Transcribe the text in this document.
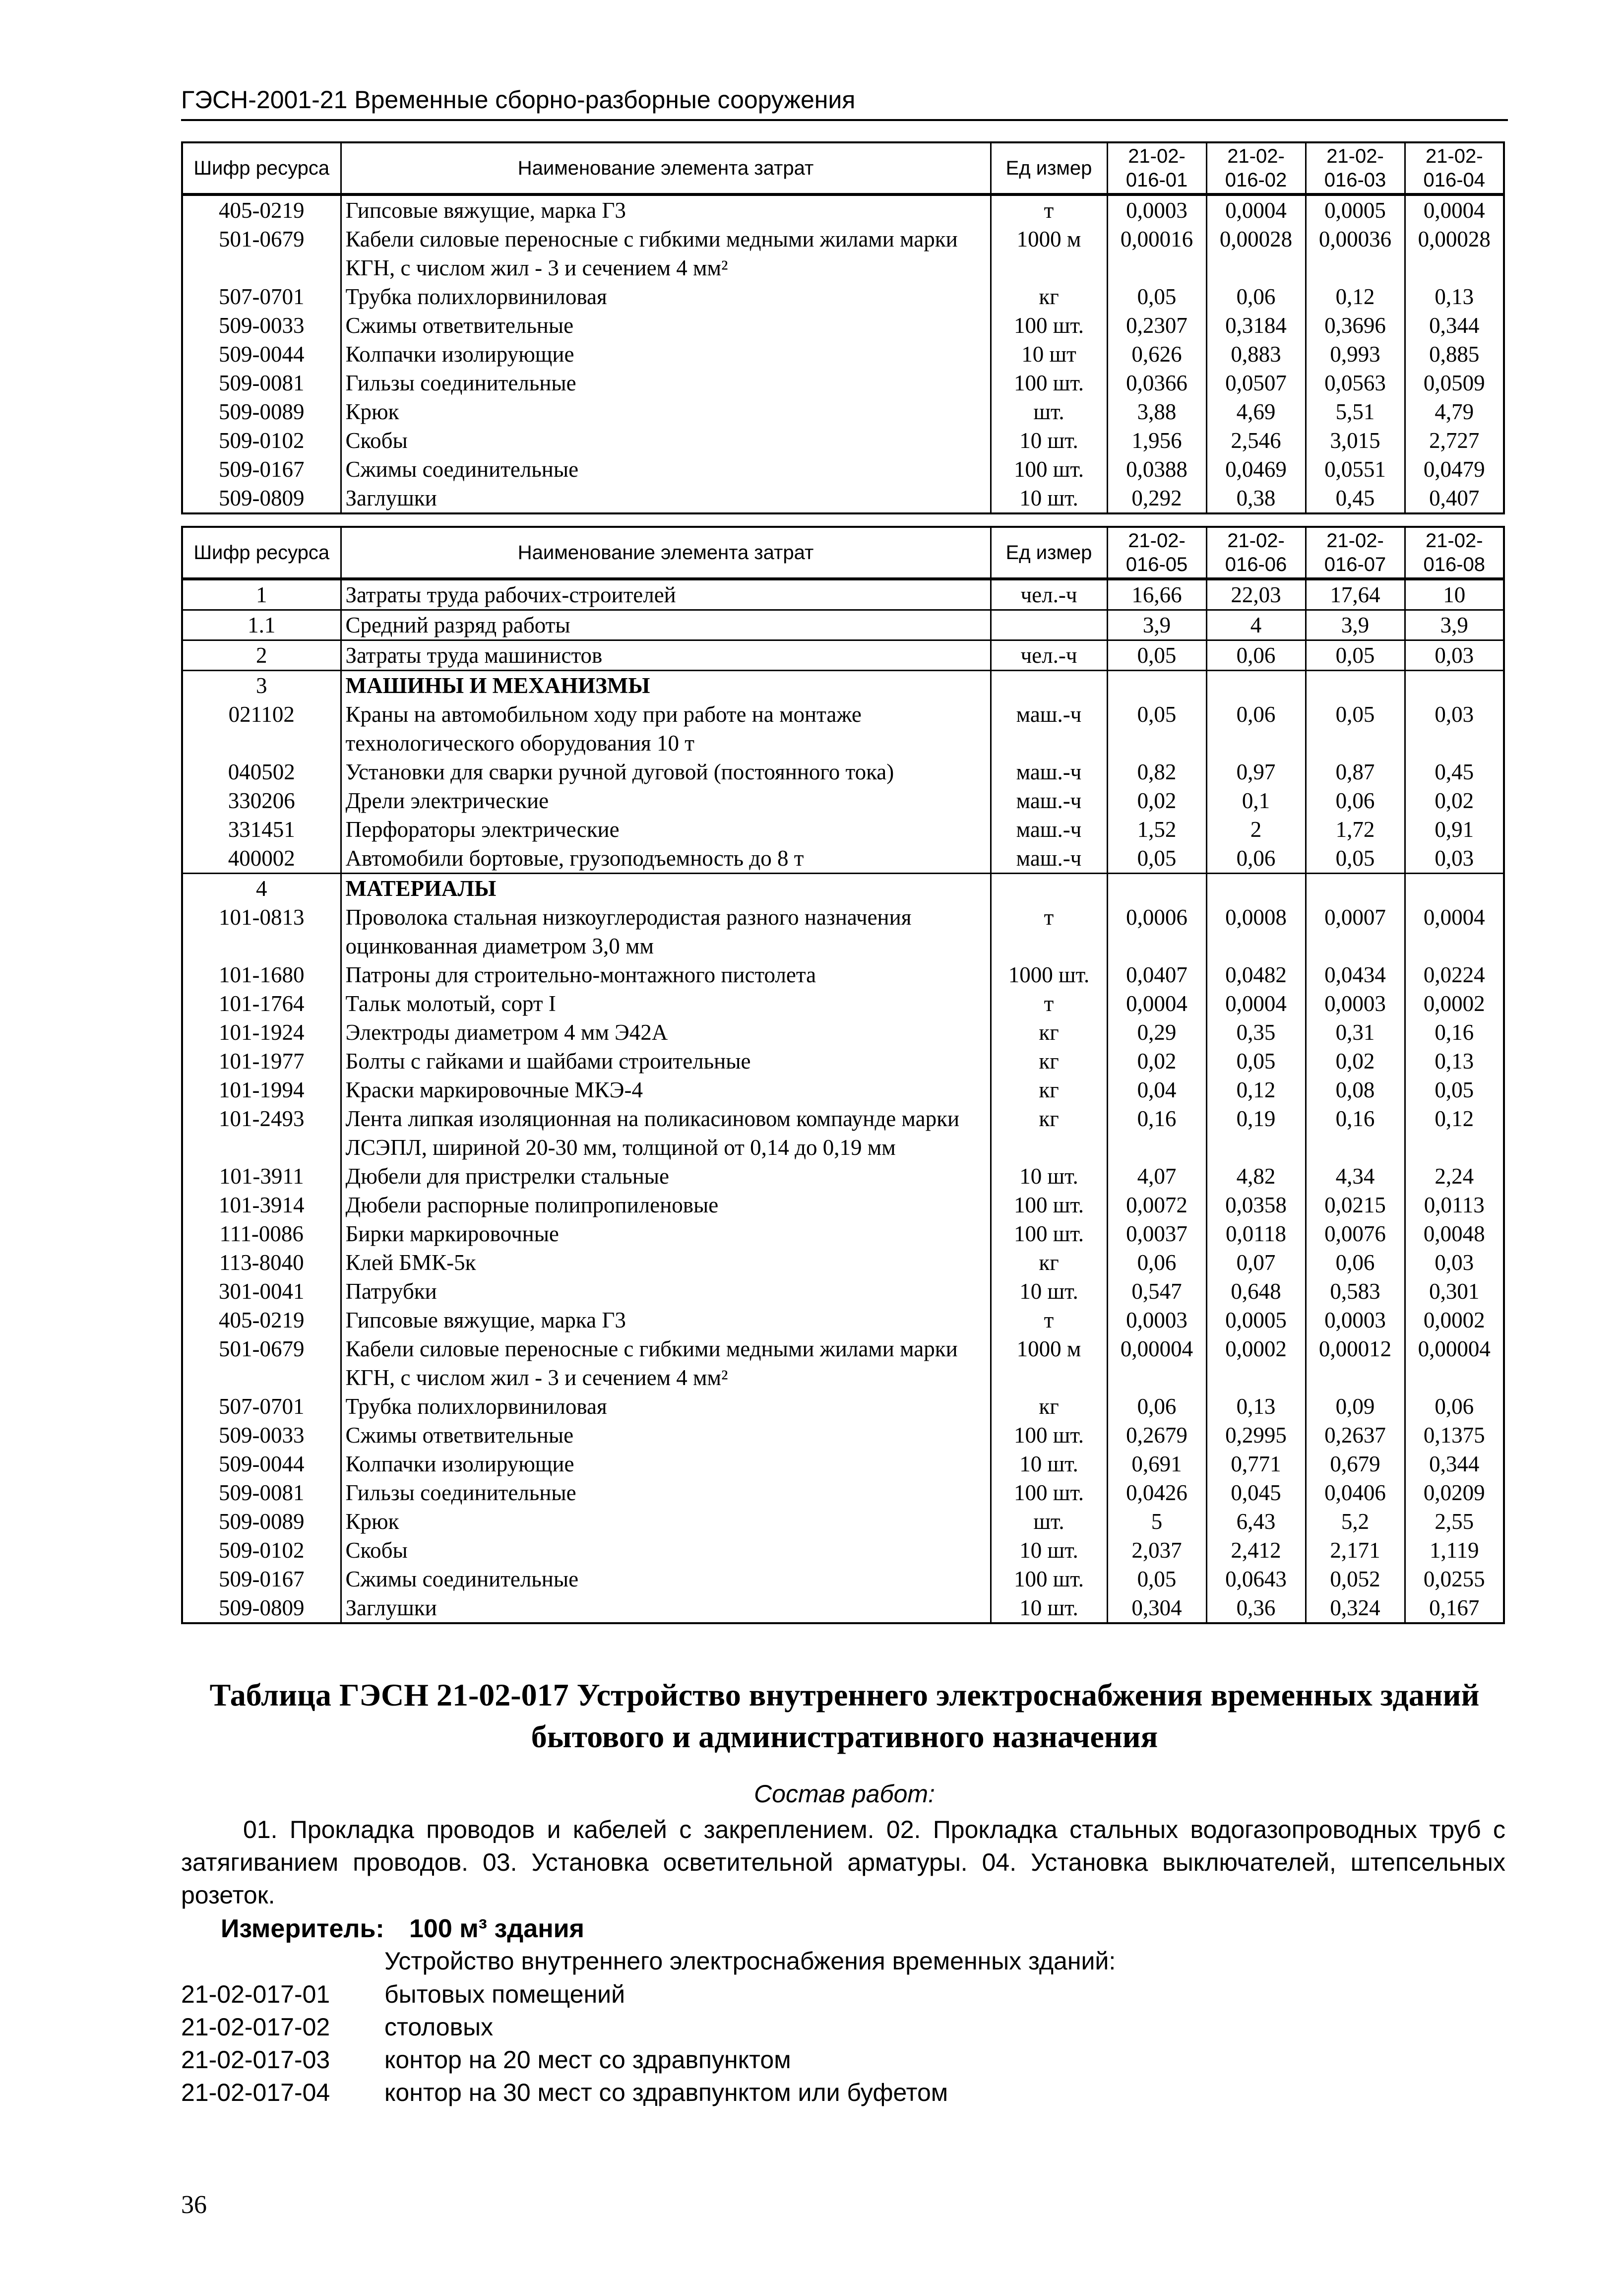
ГЭСН-2001-21 Временные сборно-разборные сооружения
Шифр ресурса	Наименование элемента затрат	Ед измер	21-02-016-01	21-02-016-02	21-02-016-03	21-02-016-04
405-0219	Гипсовые вяжущие, марка Г3	т	0,0003	0,0004	0,0005	0,0004
501-0679	Кабели силовые переносные с гибкими медными жилами марки КГН, с числом жил - 3 и сечением 4 мм²	1000 м	0,00016	0,00028	0,00036	0,00028
507-0701	Трубка полихлорвиниловая	кг	0,05	0,06	0,12	0,13
509-0033	Сжимы ответвительные	100 шт.	0,2307	0,3184	0,3696	0,344
509-0044	Колпачки изолирующие	10 шт	0,626	0,883	0,993	0,885
509-0081	Гильзы соединительные	100 шт.	0,0366	0,0507	0,0563	0,0509
509-0089	Крюк	шт.	3,88	4,69	5,51	4,79
509-0102	Скобы	10 шт.	1,956	2,546	3,015	2,727
509-0167	Сжимы соединительные	100 шт.	0,0388	0,0469	0,0551	0,0479
509-0809	Заглушки	10 шт.	0,292	0,38	0,45	0,407
Шифр ресурса	Наименование элемента затрат	Ед измер	21-02-016-05	21-02-016-06	21-02-016-07	21-02-016-08
1	Затраты труда рабочих-строителей	чел.-ч	16,66	22,03	17,64	10
1.1	Средний разряд работы		3,9	4	3,9	3,9
2	Затраты труда машинистов	чел.-ч	0,05	0,06	0,05	0,03
3	МАШИНЫ И МЕХАНИЗМЫ					
021102	Краны на автомобильном ходу при работе на монтаже технологического оборудования 10 т	маш.-ч	0,05	0,06	0,05	0,03
040502	Установки для сварки ручной дуговой (постоянного тока)	маш.-ч	0,82	0,97	0,87	0,45
330206	Дрели электрические	маш.-ч	0,02	0,1	0,06	0,02
331451	Перфораторы электрические	маш.-ч	1,52	2	1,72	0,91
400002	Автомобили бортовые, грузоподъемность до 8 т	маш.-ч	0,05	0,06	0,05	0,03
4	МАТЕРИАЛЫ					
101-0813	Проволока стальная низкоуглеродистая разного назначения оцинкованная диаметром 3,0 мм	т	0,0006	0,0008	0,0007	0,0004
101-1680	Патроны для строительно-монтажного пистолета	1000 шт.	0,0407	0,0482	0,0434	0,0224
101-1764	Тальк молотый, сорт I	т	0,0004	0,0004	0,0003	0,0002
101-1924	Электроды диаметром 4 мм Э42А	кг	0,29	0,35	0,31	0,16
101-1977	Болты с гайками и шайбами строительные	кг	0,02	0,05	0,02	0,13
101-1994	Краски маркировочные МКЭ-4	кг	0,04	0,12	0,08	0,05
101-2493	Лента липкая изоляционная на поликасиновом компаунде марки ЛСЭПЛ, шириной 20-30 мм, толщиной от 0,14 до 0,19 мм	кг	0,16	0,19	0,16	0,12
101-3911	Дюбели для пристрелки стальные	10 шт.	4,07	4,82	4,34	2,24
101-3914	Дюбели распорные полипропиленовые	100 шт.	0,0072	0,0358	0,0215	0,0113
111-0086	Бирки маркировочные	100 шт.	0,0037	0,0118	0,0076	0,0048
113-8040	Клей БМК-5к	кг	0,06	0,07	0,06	0,03
301-0041	Патрубки	10 шт.	0,547	0,648	0,583	0,301
405-0219	Гипсовые вяжущие, марка Г3	т	0,0003	0,0005	0,0003	0,0002
501-0679	Кабели силовые переносные с гибкими медными жилами марки КГН, с числом жил - 3 и сечением 4 мм²	1000 м	0,00004	0,0002	0,00012	0,00004
507-0701	Трубка полихлорвиниловая	кг	0,06	0,13	0,09	0,06
509-0033	Сжимы ответвительные	100 шт.	0,2679	0,2995	0,2637	0,1375
509-0044	Колпачки изолирующие	10 шт.	0,691	0,771	0,679	0,344
509-0081	Гильзы соединительные	100 шт.	0,0426	0,045	0,0406	0,0209
509-0089	Крюк	шт.	5	6,43	5,2	2,55
509-0102	Скобы	10 шт.	2,037	2,412	2,171	1,119
509-0167	Сжимы соединительные	100 шт.	0,05	0,0643	0,052	0,0255
509-0809	Заглушки	10 шт.	0,304	0,36	0,324	0,167
Таблица ГЭСН 21-02-017 Устройство внутреннего электроснабжения временных зданий бытового и административного назначения
Состав работ:
01. Прокладка проводов и кабелей с закреплением. 02. Прокладка стальных водогазопроводных труб с затягиванием проводов. 03. Установка осветительной арматуры. 04. Установка выключателей, штепсельных розеток.
Измеритель: 100 м³ здания
Устройство внутреннего электроснабжения временных зданий:
21-02-017-01 бытовых помещений
21-02-017-02 столовых
21-02-017-03 контор на 20 мест со здравпунктом
21-02-017-04 контор на 30 мест со здравпунктом или буфетом
36
